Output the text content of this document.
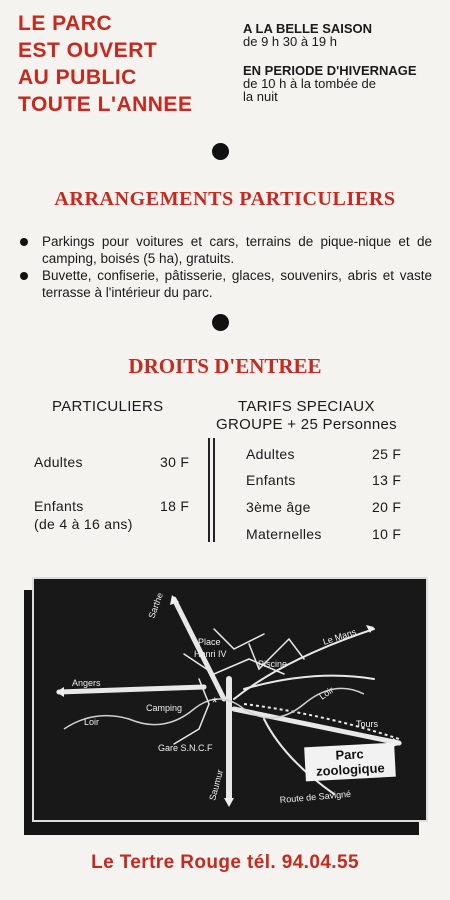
LE PARC
EST OUVERT
AU PUBLIC
TOUTE L'ANNEE
A LA BELLE SAISON
de 9 h 30 à 19 h
EN PERIODE D'HIVERNAGE
de 10 h à la tombée de
la nuit
ARRANGEMENTS PARTICULIERS
Parkings pour voitures et cars, terrains de pique-nique et de camping, boisés (5 ha), gratuits.
Buvette, confiserie, pâtisserie, glaces, souvenirs, abris et vaste terrasse à l'intérieur du parc.
DROITS D'ENTREE
PARTICULIERS	TARIFS SPECIAUX
GROUPE + 25 Personnes
Adultes	30 F
Enfants	18 F
(de 4 à 16 ans)
Adultes	25 F
Enfants	13 F
3ème âge	20 F
Maternelles	10 F
*
Sarthe
Place
Henri IV
Le Mans
Piscine
Angers
Camping
Loir
Loir
Tours
Gare S.N.C.F
Saumur	Route de Savigné
Parc
zoologique
Le Tertre Rouge tél. 94.04.55
